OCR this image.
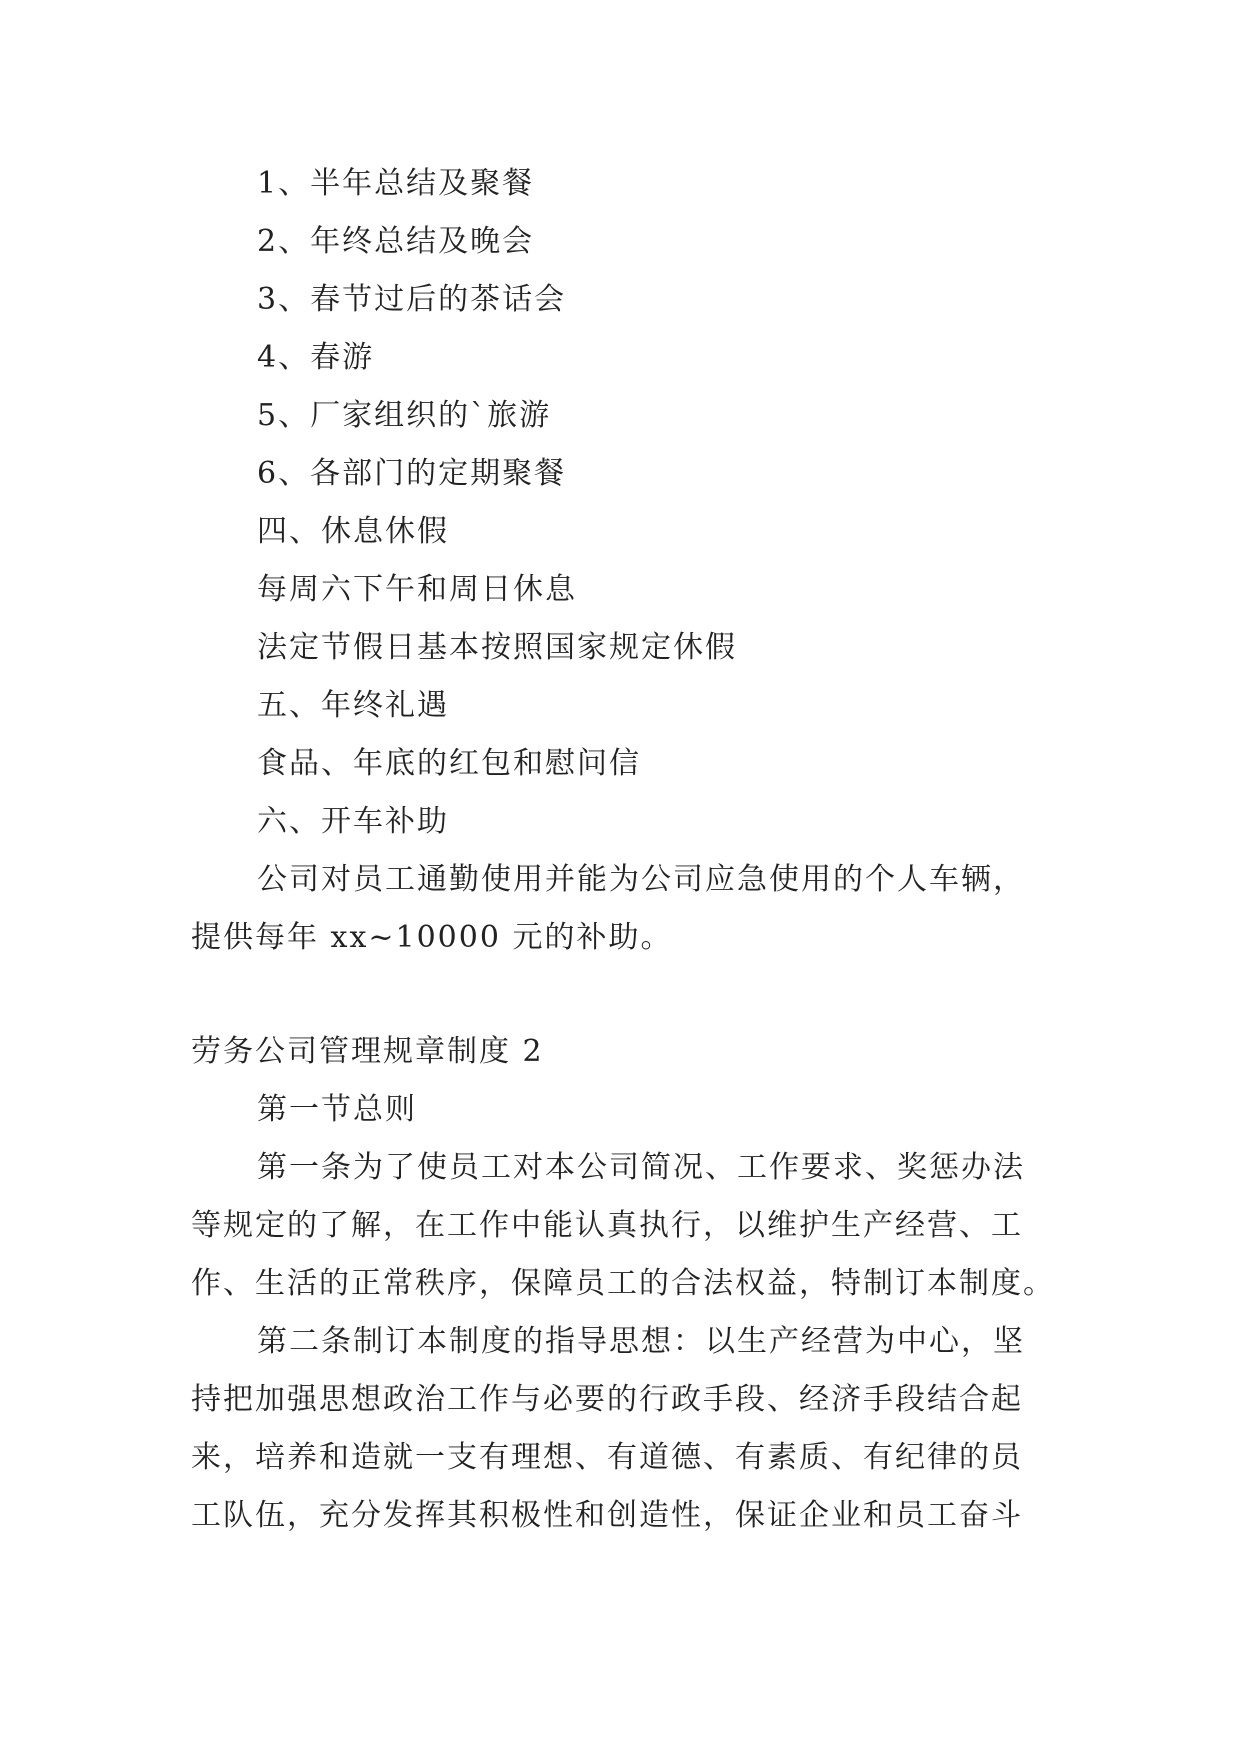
1、半年总结及聚餐
2、年终总结及晚会
3、春节过后的茶话会
4、春游
5、厂家组织的`旅游
6、各部门的定期聚餐
四、休息休假
每周六下午和周日休息
法定节假日基本按照国家规定休假
五、年终礼遇
食品、年底的红包和慰问信
六、开车补助
公司对员工通勤使用并能为公司应急使用的个人车辆，
提供每年 xx~10000 元的补助。
劳务公司管理规章制度 2
第一节总则
第一条为了使员工对本公司简况、工作要求、奖惩办法
等规定的了解，在工作中能认真执行，以维护生产经营、工
作、生活的正常秩序，保障员工的合法权益，特制订本制度。
第二条制订本制度的指导思想：以生产经营为中心，坚
持把加强思想政治工作与必要的行政手段、经济手段结合起
来，培养和造就一支有理想、有道德、有素质、有纪律的员
工队伍，充分发挥其积极性和创造性，保证企业和员工奋斗
